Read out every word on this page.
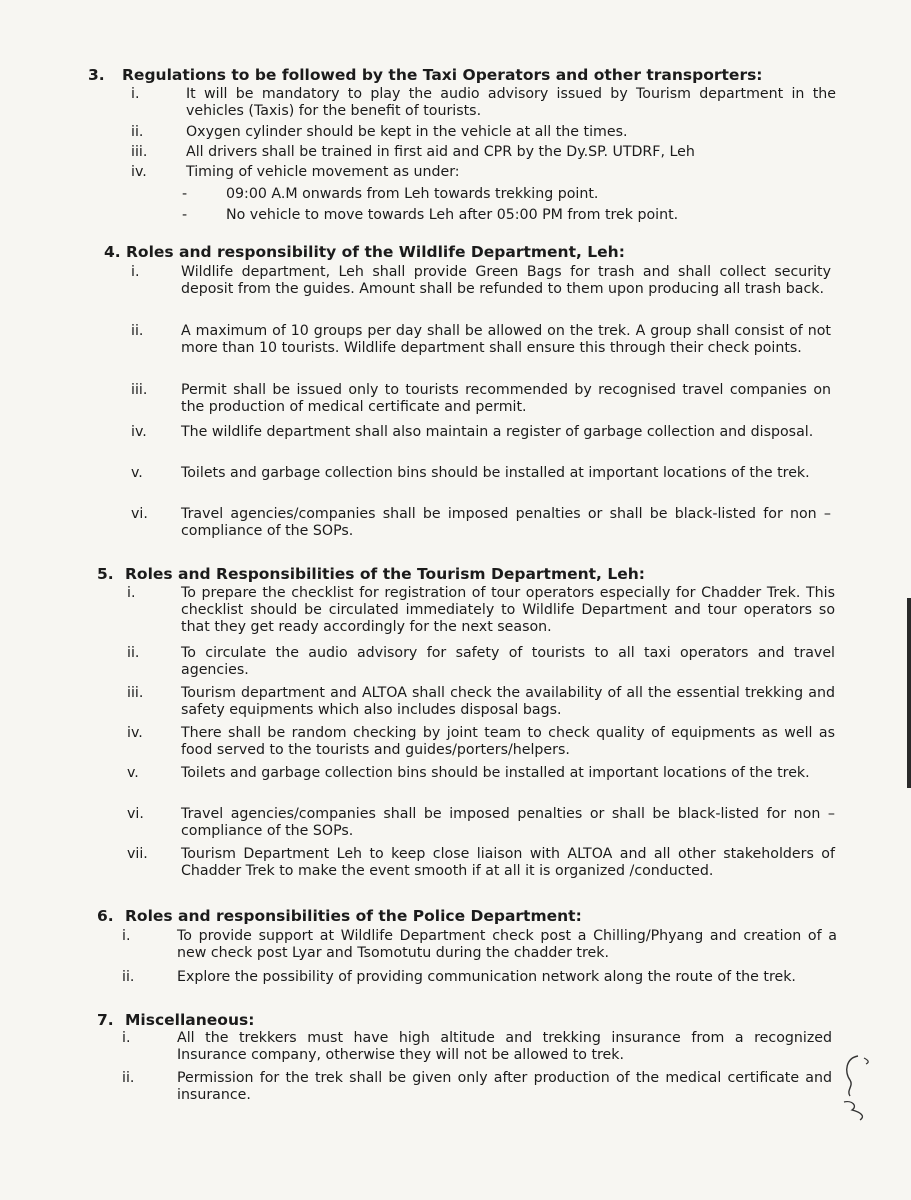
3. Regulations to be followed by the Taxi Operators and other transporters:
i.	It will be mandatory to play the audio advisory issued by Tourism department in the vehicles (Taxis) for the benefit of tourists.
ii.	Oxygen cylinder should be kept in the vehicle at all the times.
iii.	All drivers shall be trained in first aid and CPR by the Dy.SP. UTDRF, Leh
iv.	Timing of vehicle movement as under:
-	09:00 A.M onwards from Leh towards trekking point.
-	No vehicle to move towards Leh after 05:00 PM from trek point.
4. Roles and responsibility of the Wildlife Department, Leh:
i.	Wildlife department, Leh shall provide Green Bags for trash and shall collect security deposit from the guides. Amount shall be refunded to them upon producing all trash back.
ii.	A maximum of 10 groups per day shall be allowed on the trek. A group shall consist of not more than 10 tourists. Wildlife department shall ensure this through their check points.
iii. Permit shall be issued only to tourists recommended by recognised travel companies on the production of medical certificate and permit.
iv. The wildlife department shall also maintain a register of garbage collection and disposal.
v.	Toilets and garbage collection bins should be installed at important locations of the trek.
vi. Travel agencies/companies shall be imposed penalties or shall be black-listed for non – compliance of the SOPs.
5. Roles and Responsibilities of the Tourism Department, Leh:
i.	To prepare the checklist for registration of tour operators especially for Chadder Trek. This checklist should be circulated immediately to Wildlife Department and tour operators so that they get ready accordingly for the next season.
ii.	To circulate the audio advisory for safety of tourists to all taxi operators and travel agencies.
iii.	Tourism department and ALTOA shall check the availability of all the essential trekking and safety equipments which also includes disposal bags.
iv.	There shall be random checking by joint team to check quality of equipments as well as food served to the tourists and guides/porters/helpers.
v.	Toilets and garbage collection bins should be installed at important locations of the trek.
vi.	Travel agencies/companies shall be imposed penalties or shall be black-listed for non – compliance of the SOPs.
vii. Tourism Department Leh to keep close liaison with ALTOA and all other stakeholders of Chadder Trek to make the event smooth if at all it is organized /conducted.
6. Roles and responsibilities of the Police Department:
i.	To provide support at Wildlife Department check post a Chilling/Phyang and creation of a new check post Lyar and Tsomotutu during the chadder trek.
ii.	Explore the possibility of providing communication network along the route of the trek.
7. Miscellaneous:
i.	All the trekkers must have high altitude and trekking insurance from a recognized Insurance company, otherwise they will not be allowed to trek.
ii.	Permission for the trek shall be given only after production of the medical certificate and insurance.
